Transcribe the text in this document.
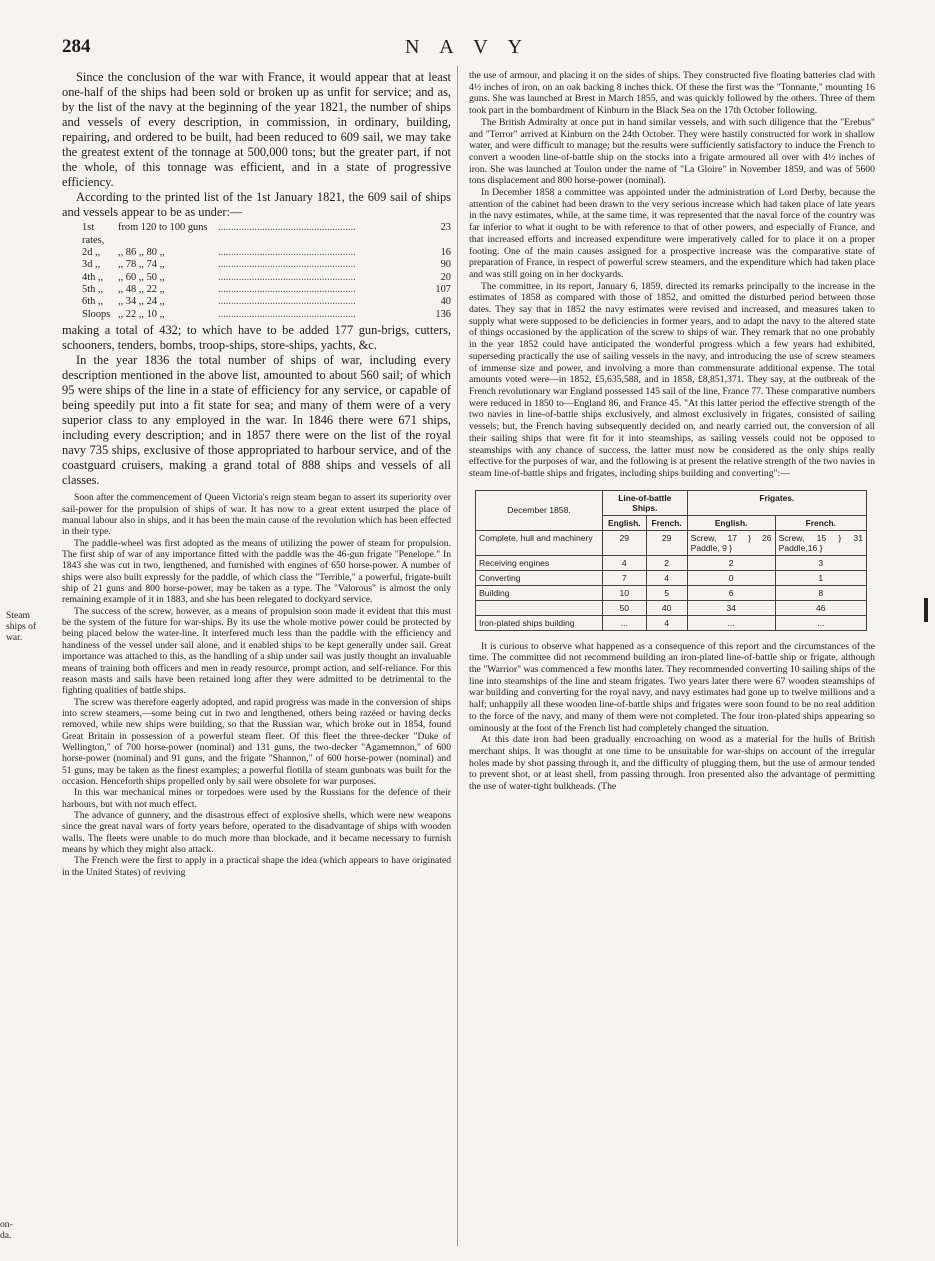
284	N A V Y
Steam
ships of
war.
on-
da.

Since the conclusion of the war with France, it would appear that at least one-half of the ships had been sold or broken up as unfit for service; and as, by the list of the navy at the beginning of the year 1821, the number of ships and vessels of every description, in commission, in ordinary, building, repairing, and ordered to be built, had been reduced to 609 sail, we may take the greatest extent of the tonnage at 500,000 tons; but the greater part, if not the whole, of this tonnage was efficient, and in a state of progressive efficiency.

According to the printed list of the 1st January 1821, the 609 sail of ships and vessels appear to be as under:—

1st rates,
from 120 to 100 guns	.....................................................	23
2d ,,	,, 86 ,, 80 ,,	.....................................................	16
3d ,,	,, 78 ,, 74 ,,	.....................................................	90
4th ,,	,, 60 ,, 50 ,,	.....................................................	20
5th ,,	,, 48 ,, 22 ,,	.....................................................	107
6th ,,	,, 34 ,, 24 ,,	.....................................................	40
Sloops ,, 22 ,, 10 ,,	.....................................................	136

making a total of 432; to which have to be added 177 gun-brigs, cutters, schooners, tenders, bombs, troop-ships, store-ships, yachts, &c.

In the year 1836 the total number of ships of war, including every description mentioned in the above list, amounted to about 560 sail; of which 95 were ships of the line in a state of efficiency for any service, or capable of being speedily put into a fit state for sea; and many of them were of a very superior class to any employed in the war. In 1846 there were 671 ships, including every description; and in 1857 there were on the list of the royal navy 735 ships, exclusive of those appropriated to harbour service, and of the coastguard cruisers, making a grand total of 888 ships and vessels of all classes.

Soon after the commencement of Queen Victoria's reign steam began to assert its superiority over sail-power for the propulsion of ships of war. It has now to a great extent usurped the place of manual labour also in ships, and it has been the main cause of the revolution which has been effected in their type.

The paddle-wheel was first adopted as the means of utilizing the power of steam for propulsion. The first ship of war of any importance fitted with the paddle was the 46-gun frigate "Penelope." In 1843 she was cut in two, lengthened, and furnished with engines of 650 horse-power. A number of ships were also built expressly for the paddle, of which class the "Terrible," a powerful, frigate-built ship of 21 guns and 800 horse-power, may be taken as a type. The "Valorous" is almost the only remaining example of it in 1883, and she has been relegated to dockyard service.

The success of the screw, however, as a means of propulsion soon made it evident that this must be the system of the future for war-ships. By its use the whole motive power could be protected by being placed below the water-line. It interfered much less than the paddle with the efficiency and handiness of the vessel under sail alone, and it enabled ships to be kept generally under sail. Great importance was attached to this, as the handling of a ship under sail was justly thought an invaluable means of training both officers and men in ready resource, prompt action, and self-reliance. For this reason masts and sails have been retained long after they were admitted to be detrimental to the fighting qualities of battle ships.

The screw was therefore eagerly adopted, and rapid progress was made in the conversion of ships into screw steamers,—some being cut in two and lengthened, others being razéed or having decks removed, while new ships were building, so that the Russian war, which broke out in 1854, found Great Britain in possession of a powerful steam fleet. Of this fleet the three-decker "Duke of Wellington," of 700 horse-power (nominal) and 131 guns, the two-decker "Agamemnon," of 600 horse-power (nominal) and 91 guns, and the frigate "Shannon," of 600 horse-power (nominal) and 51 guns, may be taken as the finest examples; a powerful flotilla of steam gunboats was built for the occasion. Henceforth ships propelled only by sail were obsolete for war purposes.

In this war mechanical mines or torpedoes were used by the Russians for the defence of their harbours, but with not much effect.

The advance of gunnery, and the disastrous effect of explosive shells, which were new weapons since the great naval wars of forty years before, operated to the disadvantage of ships with wooden walls. The fleets were unable to do much more than blockade, and it became necessary to furnish means by which they might also attack.

The French were the first to apply in a practical shape the idea (which appears to have originated in the United States) of reviving

the use of armour, and placing it on the sides of ships. They constructed five floating batteries clad with 4½ inches of iron, on an oak backing 8 inches thick. Of these the first was the "Tonnante," mounting 16 guns. She was launched at Brest in March 1855, and was quickly followed by the others. Three of them took part in the bombardment of Kinburn in the Black Sea on the 17th October following.

The British Admiralty at once put in hand similar vessels, and with such diligence that the "Erebus" and "Terror" arrived at Kinburn on the 24th October. They were hastily constructed for work in shallow water, and were difficult to manage; but the results were sufficiently satisfactory to induce the French to convert a wooden line-of-battle ship on the stocks into a frigate armoured all over with 4½ inches of iron. She was launched at Toulon under the name of "La Gloire" in November 1859, and was of 5600 tons displacement and 800 horse-power (nominal).

In December 1858 a committee was appointed under the administration of Lord Derby, because the attention of the cabinet had been drawn to the very serious increase which had taken place of late years in the navy estimates, while, at the same time, it was represented that the naval force of the country was far inferior to what it ought to be with reference to that of other powers, and especially of France, and that increased efforts and increased expenditure were imperatively called for to place it on a proper footing. One of the main causes assigned for a prospective increase was the comparative state of preparation of France, in respect of powerful screw steamers, and the expenditure which had taken place and was still going on in her dockyards.

The committee, in its report, January 6, 1859, directed its remarks principally to the increase in the estimates of 1858 as compared with those of 1852, and omitted the disturbed period between those dates. They say that in 1852 the navy estimates were revised and increased, and measures taken to supply what were supposed to be deficiencies in former years, and to adapt the navy to the altered state of things occasioned by the application of the screw to ships of war. They remark that no one probably in the year 1852 could have anticipated the wonderful progress which a few years had exhibited, superseding practically the use of sailing vessels in the navy, and introducing the use of screw steamers of immense size and power, and involving a more than commensurate additional expense. The total amounts voted were—in 1852, £5,635,588, and in 1858, £8,851,371. They say, at the outbreak of the French revolutionary war England possessed 145 sail of the line, France 77. These comparative numbers were reduced in 1850 to—England 86, and France 45. "At this latter period the effective strength of the two navies in line-of-battle ships exclusively, and almost exclusively in frigates, consisted of sailing vessels; but, the French having subsequently decided on, and nearly carried out, the conversion of all their sailing ships that were fit for it into steamships, as sailing vessels could not be opposed to steamships with any chance of success, the latter must now be considered as the only ships really effective for the purposes of war, and the following is at present the relative strength of the two navies in steam line-of-battle ships and frigates, including ships building and converting":—

December 1858.	Line-of-battle Ships.		Frigates.	
	English.	French.	English.	French.
Complete, hull and machinery	29	29	Screw, 17 } 26 Paddle, 9 }	Screw, 15 } 31 Paddle,16 }
Receiving engines	4	2	2	3
Converting	7	4	0	1
Building	10	5	6	8
	50	40	34	46
Iron-plated ships building	...	4	...	...

It is curious to observe what happened as a consequence of this report and the circumstances of the time. The committee did not recommend building an iron-plated line-of-battle ship or frigate, although the "Warrior" was commenced a few months later. They recommended converting 10 sailing ships of the line into steamships of the line and steam frigates. Two years later there were 67 wooden steamships of war building and converting for the royal navy, and navy estimates had gone up to twelve millions and a half; unhappily all these wooden line-of-battle ships and frigates were soon found to be no real addition to the force of the navy, and many of them were not completed. The four iron-plated ships appearing so ominously at the foot of the French list had completely changed the situation.

At this date iron had been gradually encroaching on wood as a material for the hulls of British merchant ships. It was thought at one time to be unsuitable for war-ships on account of the irregular holes made by shot passing through it, and the difficulty of plugging them, but the use of armour tended to prevent shot, or at least shell, from passing through. Iron presented also the advantage of permitting the use of water-tight bulkheads. (The
